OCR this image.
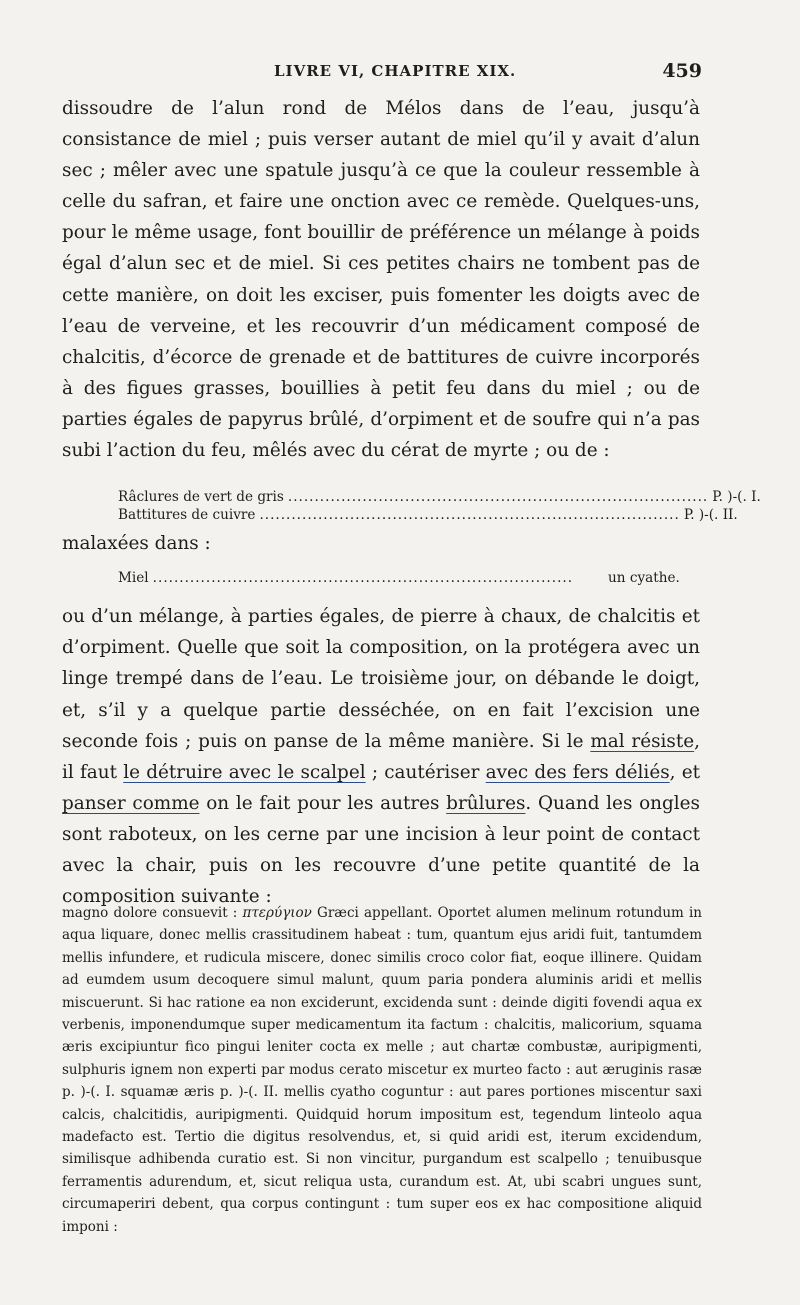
LIVRE VI, CHAPITRE XIX.	459

dissoudre de l’alun rond de Mélos dans de l’eau, jusqu’à consistance de miel ; puis verser autant de miel qu’il y avait d’alun sec ; mêler avec une spatule jusqu’à ce que la couleur ressemble à celle du safran, et faire une onction avec ce remède. Quelques-uns, pour le même usage, font bouillir de préférence un mélange à poids égal d’alun sec et de miel. Si ces petites chairs ne tombent pas de cette manière, on doit les exciser, puis fomenter les doigts avec de l’eau de verveine, et les recouvrir d’un médicament composé de chalcitis, d’écorce de grenade et de battitures de cuivre incorporés à des figues grasses, bouillies à petit feu dans du miel ; ou de parties égales de papyrus brûlé, d’orpiment et de soufre qui n’a pas subi l’action du feu, mêlés avec du cérat de myrte ; ou de :

Râclures de vert de gris ............................................................................... P. )-(. I.
Battitures de cuivre ............................................................................... P. )-(. II.

malaxées dans :

Miel ...............................................................................	un cyathe.

ou d’un mélange, à parties égales, de pierre à chaux, de chalcitis et d’orpiment. Quelle que soit la composition, on la protégera avec un linge trempé dans de l’eau. Le troisième jour, on débande le doigt, et, s’il y a quelque partie desséchée, on en fait l’excision une seconde fois ; puis on panse de la même manière. Si le mal résiste, il faut le détruire avec le scalpel ; cautériser avec des fers déliés, et panser comme on le fait pour les autres brûlures. Quand les ongles sont raboteux, on les cerne par une incision à leur point de contact avec la chair, puis on les recouvre d’une petite quantité de la composition suivante :

magno dolore consuevit : πτερύγιον Græci appellant. Oportet alumen melinum rotundum in aqua liquare, donec mellis crassitudinem habeat : tum, quantum ejus aridi fuit, tantumdem mellis infundere, et rudicula miscere, donec similis croco color fiat, eoque illinere. Quidam ad eumdem usum decoquere simul malunt, quum paria pondera aluminis aridi et mellis miscuerunt. Si hac ratione ea non exciderunt, excidenda sunt : deinde digiti fovendi aqua ex verbenis, imponendumque super medicamentum ita factum : chalcitis, malicorium, squama æris excipiuntur fico pingui leniter cocta ex melle ; aut chartæ combustæ, auripigmenti, sulphuris ignem non experti par modus cerato miscetur ex murteo facto : aut æruginis rasæ p. )-(. I. squamæ æris p. )-(. II. mellis cyatho coguntur : aut pares portiones miscentur saxi calcis, chalcitidis, auripigmenti. Quidquid horum impositum est, tegendum linteolo aqua madefacto est. Tertio die digitus resolvendus, et, si quid aridi est, iterum excidendum, similisque adhibenda curatio est. Si non vincitur, purgandum est scalpello ; tenuibusque ferramentis adurendum, et, sicut reliqua usta, curandum est. At, ubi scabri ungues sunt, circumaperiri debent, qua corpus contingunt : tum super eos ex hac compositione aliquid imponi :
